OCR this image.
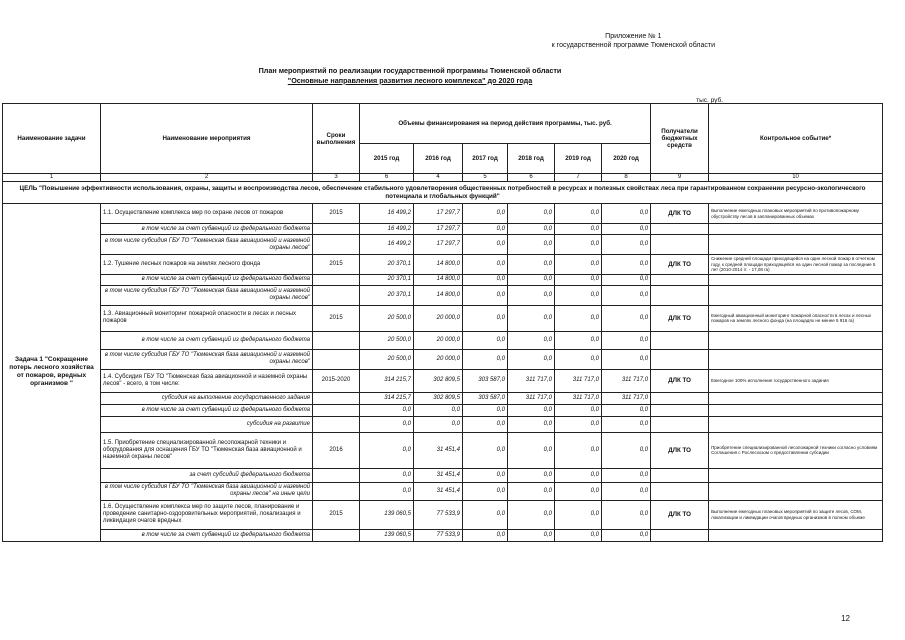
Приложение № 1
к государственной программе Тюменской области
План мероприятий по реализации государственной программы Тюменской области
"Основные направления развития лесного комплекса" до 2020 года
тыс. руб.
Наименование задачи	Наименование мероприятия	Сроки выполнения	Объемы финансирования на период действия программы, тыс. руб.						Получатели бюджетных средств	Контрольное событие*
			2015 год	2016 год	2017 год	2018 год	2019 год	2020 год		
1	2	3	6	4	5	6	7	8	9	10
ЦЕЛЬ "Повышение эффективности использования, охраны, защиты и воспроизводства лесов, обеспечение стабильного удовлетворения общественных потребностей в ресурсах и полезных свойствах леса при гарантированном сохранении ресурсно-экологического потенциала и глобальных функций"										
Задача 1 "Сокращение потерь лесного хозяйства от пожаров, вредных организмов "	1.1. Осуществление комплекса мер по охране лесов от пожаров	2015	16 499,2	17 297,7	0,0	0,0	0,0	0,0	ДЛК ТО	Выполнение ежегодных плановых мероприятий по противопожарному обустройству лесов в запланированных объемах
	в том числе за счет субвенций из федерального бюджета		16 499,2	17 297,7	0,0	0,0	0,0	0,0		
	в том числе субсидия ГБУ ТО "Тюменская база авиационной и наземной охраны лесов"		16 499,2	17 297,7	0,0	0,0	0,0	0,0		
	1.2. Тушение лесных пожаров на землях лесного фонда	2015	20 370,1	14 800,0	0,0	0,0	0,0	0,0	ДЛК ТО	Снижение средней площади приходящейся на один лесной пожар в отчетном году, к средней площади приходящейся на один лесной пожар за последние 5 лет (2010-2014 гг. - 17,08 га)
	в том числе за счет субвенций из федерального бюджета		20 370,1	14 800,0	0,0	0,0	0,0	0,0		
	в том числе субсидия ГБУ ТО "Тюменская база авиационной и наземной охраны лесов"		20 370,1	14 800,0	0,0	0,0	0,0	0,0		
	1.3. Авиационный мониторинг пожарной опасности в лесах и лесных пожаров	2015	20 500,0	20 000,0	0,0	0,0	0,0	0,0	ДЛК ТО	Ежегодный авиационный мониторинг пожарной опасности в лесах и лесных пожаров на землях лесного фонда (на площадях не менее 5 916 га)
	в том числе за счет субвенций из федерального бюджета		20 500,0	20 000,0	0,0	0,0	0,0	0,0		
	в том числе субсидия ГБУ ТО "Тюменская база авиационной и наземной охраны лесов"		20 500,0	20 000,0	0,0	0,0	0,0	0,0		
	1.4. Субсидия ГБУ ТО "Тюменская база авиационной и наземной охраны лесов" - всего, в том числе:	2015-2020	314 215,7	302 809,5	303 587,0	311 717,0	311 717,0	311 717,0	ДЛК ТО	Ежегодное 100% исполнение государственного задания
	субсидия на выполнение государственного задания		314 215,7	302 809,5	303 587,0	311 717,0	311 717,0	311 717,0		
	в том числе за счет субвенций из федерального бюджета		0,0	0,0	0,0	0,0	0,0	0,0		
	субсидия на развитие		0,0	0,0	0,0	0,0	0,0	0,0		
	1.5. Приобретение специализированной лесопожарной техники и оборудования для оснащения ГБУ ТО "Тюменская база авиационной и наземной охраны лесов"	2016	0,0	31 451,4	0,0	0,0	0,0	0,0	ДЛК ТО	Приобретение специализированной лесопожарной техники согласно условиям Соглашения с Рослесхозом о предоставлении субсидии
	за счет субсидий федерального бюджета		0,0	31 451,4	0,0	0,0	0,0	0,0		
	в том числе субсидия ГБУ ТО "Тюменская база авиационной и наземной охраны лесов" на иные цели		0,0	31 451,4	0,0	0,0	0,0	0,0		
	1.6. Осуществление комплекса мер по защите лесов, планирование и проведение санитарно-оздоровительных мероприятий, локализация и ликвидация очагов вредных	2015	139 060,5	77 533,9	0,0	0,0	0,0	0,0	ДЛК ТО	Выполнение ежегодных плановых мероприятий по защите лесов, СОМ, локализации и ликвидации очагов вредных организмов в полном объеме
	в том числе за счет субвенций из федерального бюджета		139 060,5	77 533,9	0,0	0,0	0,0	0,0		
12
